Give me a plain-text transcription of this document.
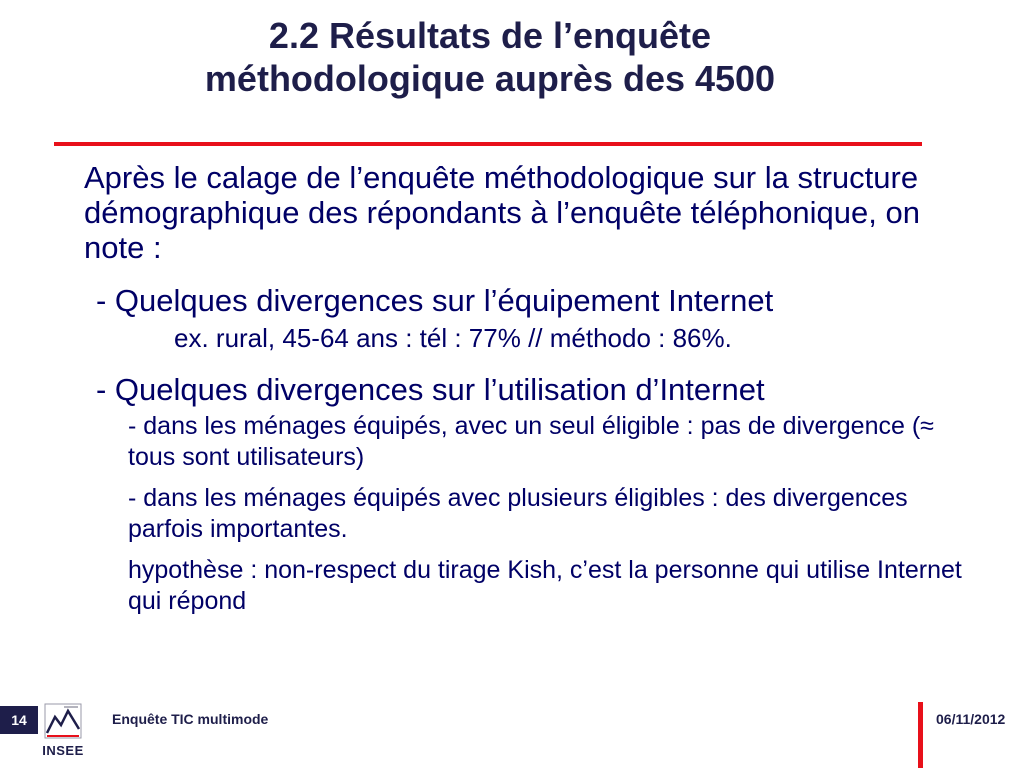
2.2 Résultats de l’enquête
méthodologique auprès des 4500

Après le calage de l’enquête méthodologique sur la structure démographique des répondants à l’enquête téléphonique, on note :

- Quelques divergences sur l’équipement Internet

ex. rural, 45-64 ans : tél : 77% // méthodo : 86%.

- Quelques divergences sur l’utilisation d’Internet

- dans les ménages équipés, avec un seul éligible : pas de divergence (≈ tous sont utilisateurs)

- dans les ménages équipés avec plusieurs éligibles : des divergences parfois importantes.

hypothèse : non-respect du tirage Kish, c’est la personne qui utilise Internet qui répond

14
INSEE
Enquête TIC multimode	06/11/2012
